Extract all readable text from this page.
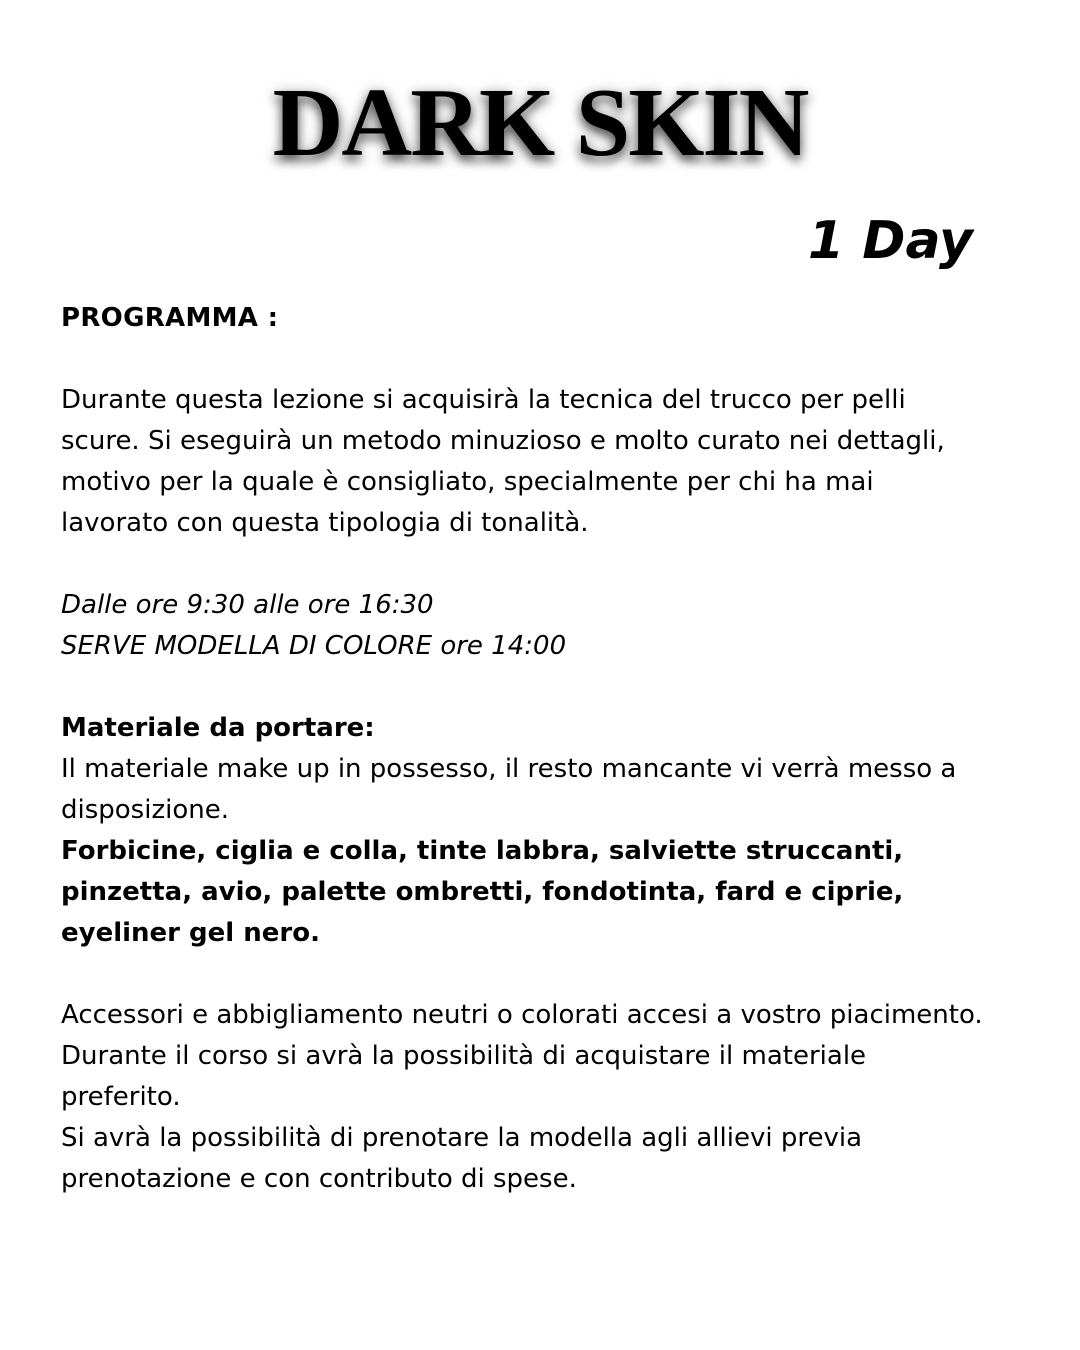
DARK SKIN
1 Day

PROGRAMMA :

Durante questa lezione si acquisirà la tecnica del trucco per pelli

scure. Si eseguirà un metodo minuzioso e molto curato nei dettagli,

motivo per la quale è consigliato, specialmente per chi ha mai

lavorato con questa tipologia di tonalità.

Dalle ore 9:30 alle ore 16:30

SERVE MODELLA DI COLORE ore 14:00

Materiale da portare:

Il materiale make up in possesso, il resto mancante vi verrà messo a

disposizione.

Forbicine, ciglia e colla, tinte labbra, salviette struccanti,

pinzetta, avio, palette ombretti, fondotinta, fard e ciprie,

eyeliner gel nero.

Accessori e abbigliamento neutri o colorati accesi a vostro piacimento.

Durante il corso si avrà la possibilità di acquistare il materiale

preferito.

Si avrà la possibilità di prenotare la modella agli allievi previa

prenotazione e con contributo di spese.
